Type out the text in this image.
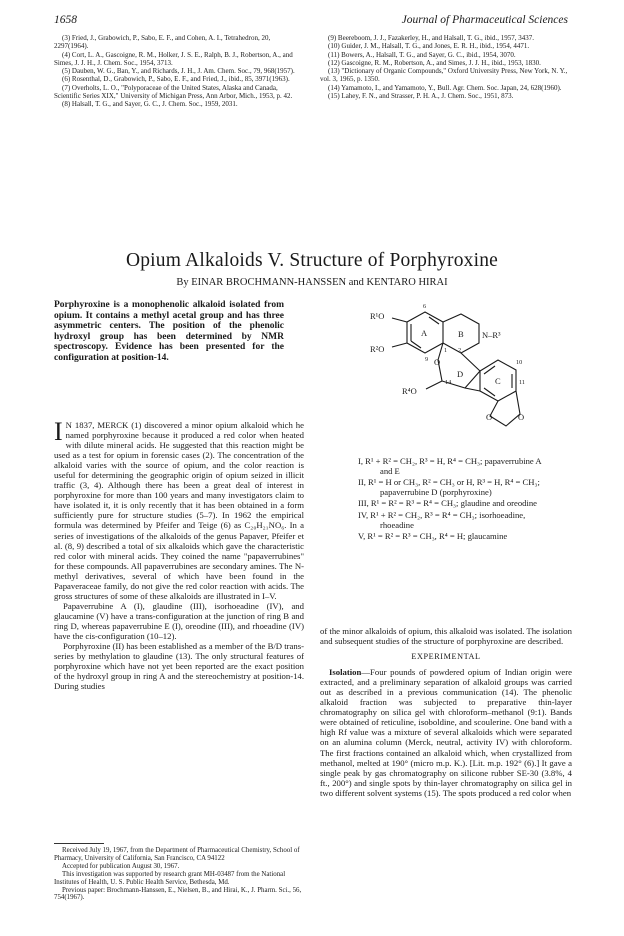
1658	Journal of Pharmaceutical Sciences

(3) Fried, J., Grabowich, P., Sabo, E. F., and Cohen, A. I., Tetrahedron, 20, 2297(1964).

(4) Cort, L. A., Gascoigne, R. M., Holker, J. S. E., Ralph, B. J., Robertson, A., and Simes, J. J. H., J. Chem. Soc., 1954, 3713.

(5) Dauben, W. G., Ban, Y., and Richards, J. H., J. Am. Chem. Soc., 79, 968(1957).

(6) Rosenthal, D., Grabowich, P., Sabo, E. F., and Fried, J., ibid., 85, 3971(1963).

(7) Overholts, L. O., "Polyporaceae of the United States, Alaska and Canada, Scientific Series XIX," University of Michigan Press, Ann Arbor, Mich., 1953, p. 42.

(8) Halsall, T. G., and Sayer, G. C., J. Chem. Soc., 1959, 2031.

(9) Beereboom, J. J., Fazakerley, H., and Halsall, T. G., ibid., 1957, 3437.

(10) Guider, J. M., Halsall, T. G., and Jones, E. R. H., ibid., 1954, 4471.

(11) Bowers, A., Halsall, T. G., and Sayer, G. C., ibid., 1954, 3070.

(12) Gascoigne, R. M., Robertson, A., and Simes, J. J. H., ibid., 1953, 1830.

(13) "Dictionary of Organic Compounds," Oxford University Press, New York, N. Y., vol. 3, 1965, p. 1350.

(14) Yamamoto, I., and Yamamoto, Y., Bull. Agr. Chem. Soc. Japan, 24, 628(1960).

(15) Lahey, F. N., and Strasser, P. H. A., J. Chem. Soc., 1951, 873.

Opium Alkaloids V. Structure of Porphyroxine
By EINAR BROCHMANN-HANSSEN and KENTARO HIRAI
Porphyroxine is a monophenolic alkaloid isolated from opium. It contains a methyl acetal group and has three asymmetric centers. The position of the phenolic hydroxyl group has been determined by NMR spectroscopy. Evidence has been presented for the configuration at position-14.

I N 1837, MERCK (1) discovered a minor opium alkaloid which he named porphyroxine because it produced a red color when heated with dilute mineral acids. He suggested that this reaction might be used as a test for opium in forensic cases (2). The concentration of the alkaloid varies with the source of opium, and the color reaction is useful for determining the geographic origin of opium seized in illicit traffic (3, 4). Although there has been a great deal of interest in porphyroxine for more than 100 years and many investigators claim to have isolated it, it is only recently that it has been obtained in a form sufficiently pure for structure studies (5–7). In 1962 the empirical formula was determined by Pfeifer and Teige (6) as C₂₀H₂₁NO₆. In a series of investigations of the alkaloids of the genus Papaver, Pfeifer et al. (8, 9) described a total of six alkaloids which gave the characteristic red color with mineral acids. They coined the name "papaverrubines" for these compounds. All papaverrubines are secondary amines. The N-methyl derivatives, several of which have been found in the Papaveraceae family, do not give the red color reaction with acids. The gross structures of some of these alkaloids are illustrated in I–V.

Papaverrubine A (I), glaudine (III), isorhoeadine (IV), and glaucamine (V) have a trans-configuration at the junction of ring B and ring D, whereas papaverrubine E (I), oreodine (III), and rhoeadine (IV) have the cis-configuration (10–12).

Porphyroxine (II) has been established as a member of the B/D trans-series by methylation to glaudine (13). The only structural features of porphyroxine which have not yet been reported are the exact position of the hydroxyl group in ring A and the stereochemistry at position-14. During studies

Received July 19, 1967, from the Department of Pharmaceutical Chemistry, School of Pharmacy, University of California, San Francisco, CA 94122

Accepted for publication August 30, 1967.

This investigation was supported by research grant MH-03487 from the National Institutes of Health, U. S. Public Health Service, Bethesda, Md.

Previous paper: Brochmann-Hanssen, E., Nielsen, B., and Hirai, K., J. Pharm. Sci., 56, 754(1967).

R¹O
R²O
R⁴O
N–R³
A	B
C
D
O
O	O
6
1 2
9	10
11
14
I, R¹ + R² = CH₂, R³ = H, R⁴ = CH₃; papaverrubine A and E
II, R¹ = H or CH₃, R² = CH₃ or H, R³ = H, R⁴ = CH₃; papaverrubine D (porphyroxine)
III, R¹ = R² = R³ = R⁴ = CH₃; glaudine and oreodine
IV, R¹ + R² = CH₂, R³ = R⁴ = CH₃; isorhoeadine, rhoeadine
V, R¹ = R² = R³ = CH₃, R⁴ = H; glaucamine

of the minor alkaloids of opium, this alkaloid was isolated. The isolation and subsequent studies of the structure of porphyroxine are described.

EXPERIMENTAL

Isolation—Four pounds of powdered opium of Indian origin were extracted, and a preliminary separation of alkaloid groups was carried out as described in a previous communication (14). The phenolic alkaloid fraction was subjected to preparative thin-layer chromatography on silica gel with chloroform–methanol (9:1). Bands were obtained of reticuline, isoboldine, and scoulerine. One band with a high Rf value was a mixture of several alkaloids which were separated on an alumina column (Merck, neutral, activity IV) with chloroform. The first fractions contained an alkaloid which, when crystallized from methanol, melted at 190° (micro m.p. K.). [Lit. m.p. 192° (6).] It gave a single peak by gas chromatography on silicone rubber SE-30 (3.8%, 4 ft., 200°) and single spots by thin-layer chromatography on silica gel in two different solvent systems (15). The spots produced a red color when
